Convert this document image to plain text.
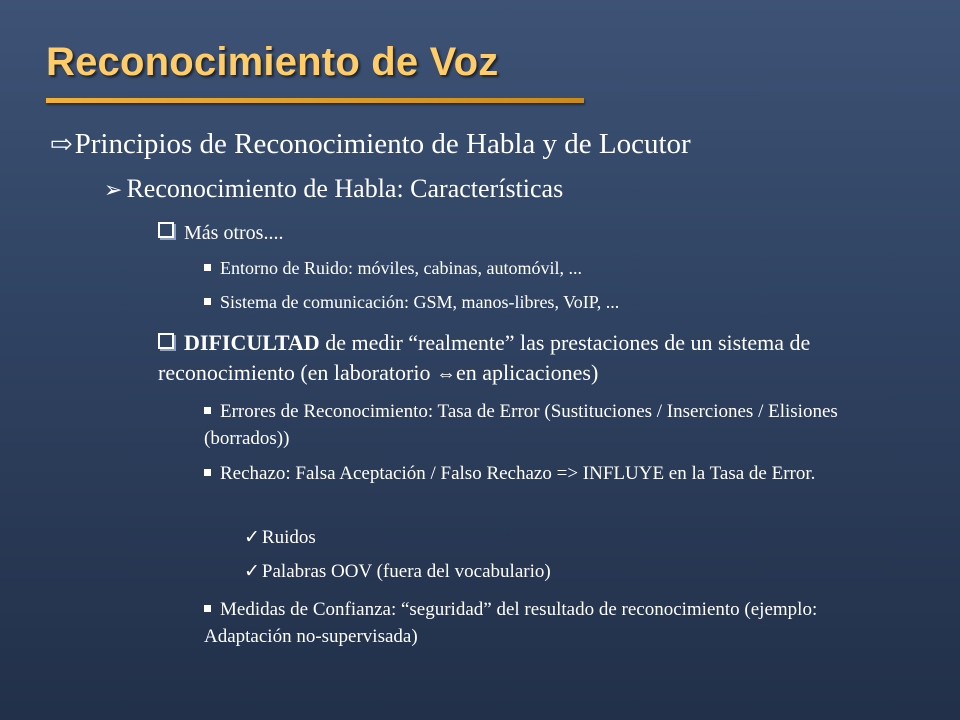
Reconocimiento de Voz
⇨Principios de Reconocimiento de Habla y de Locutor
➢ Reconocimiento de Habla: Características
Más otros....
Entorno de Ruido: móviles, cabinas, automóvil, ...
Sistema de comunicación: GSM, manos-libres, VoIP, ...
DIFICULTAD de medir “realmente” las prestaciones de un sistema de reconocimiento (en laboratorio ⇔en aplicaciones)
Errores de Reconocimiento: Tasa de Error (Sustituciones / Inserciones / Elisiones (borrados))
Rechazo: Falsa Aceptación / Falso Rechazo => INFLUYE en la Tasa de Error.
✓ Ruidos
✓ Palabras OOV (fuera del vocabulario)
Medidas de Confianza: “seguridad” del resultado de reconocimiento (ejemplo: Adaptación no-supervisada)
